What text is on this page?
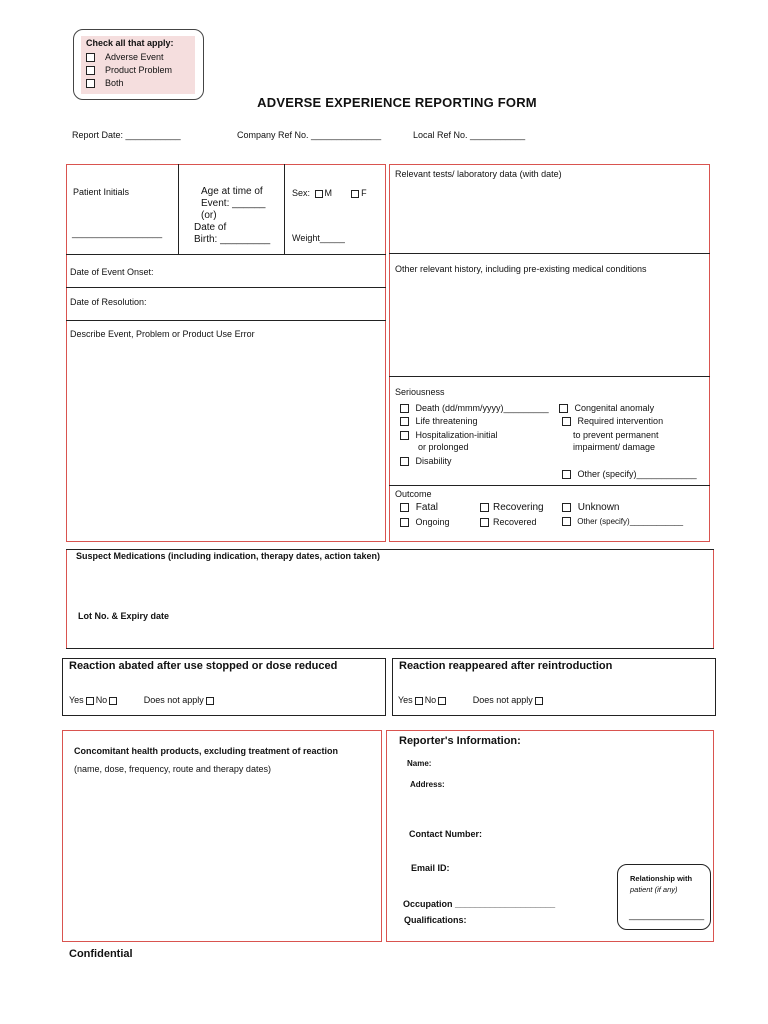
Check all that apply:
Adverse Event
Product Problem
Both
ADVERSE EXPERIENCE REPORTING FORM
Report Date: ___________	Company Ref No. ______________	Local Ref No. ___________
Patient Initials
__________________
Age at time of
Event: ______
(or)
Date of
Birth: _________
Sex: M	F
Weight_____
Date of Event Onset:
Date of Resolution:
Describe Event, Problem or Product Use Error
Relevant tests/ laboratory data (with date)
Other relevant history, including pre-existing medical conditions
Seriousness
Death (dd/mmm/yyyy)_________
Life threatening
Hospitalization-initial
or prolonged
Disability
Congenital anomaly
Required intervention
to prevent permanent
impairment/ damage
Other (specify)____________
Outcome
Fatal	Recovering	Unknown
Ongoing	Recovered	Other (specify)____________
Suspect Medications (including indication, therapy dates, action taken)
Lot No. & Expiry date
Reaction abated after use stopped or dose reduced
Yes No	Does not apply
Reaction reappeared after reintroduction
Yes No	Does not apply
Concomitant health products, excluding treatment of reaction
(name, dose, frequency, route and therapy dates)
Reporter's Information:
Name:
Address:
Contact Number:
Email ID:
Occupation ____________________
Qualifications:
Relationship with
patient (if any)
_______________
Confidential
